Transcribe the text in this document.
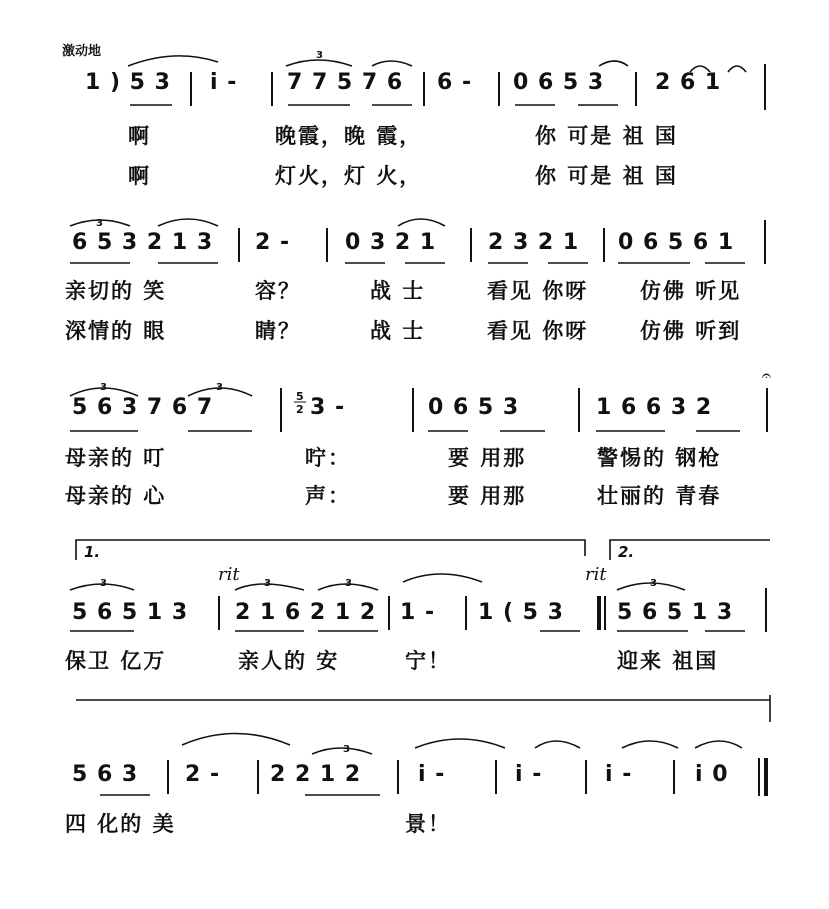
激动地
1 ) 5 3 i - 7 7 5 7 6 6 - 0 6 5 3 2 6 1
啊	晚霞，晚 霞，	你 可是 祖 国
啊	灯火，灯 火，	你 可是 祖 国
6 5 3 2 1 3 2 - 0 3 2 1 2 3 2 1 0 6 5 6 1
亲切的 笑	容？	战 士	看见 你呀 仿佛 听见
深情的 眼	睛？	战 士	看见 你呀 仿佛 听到
5 6 3 7 6 7	3 -	0 6 5 3	1 6 6 3 2
母亲的 叮	咛：	要 用那	警惕的 钢枪
母亲的 心	声：	要 用那	壮丽的 青春
5 6 5 1 3 2 1 6 2 1 2 1 - 1 ( 5 3 5 6 5 1 3
保卫 亿万	亲人的 安	宁！	迎来 祖国
5 6 3 2 - 2 2 1 2	i -	i -	i -	i 0
四 化的 美	景！
𝄐
1.	2.
rit	rit
3
3
3	3
3	3	3	3
3
5
2
